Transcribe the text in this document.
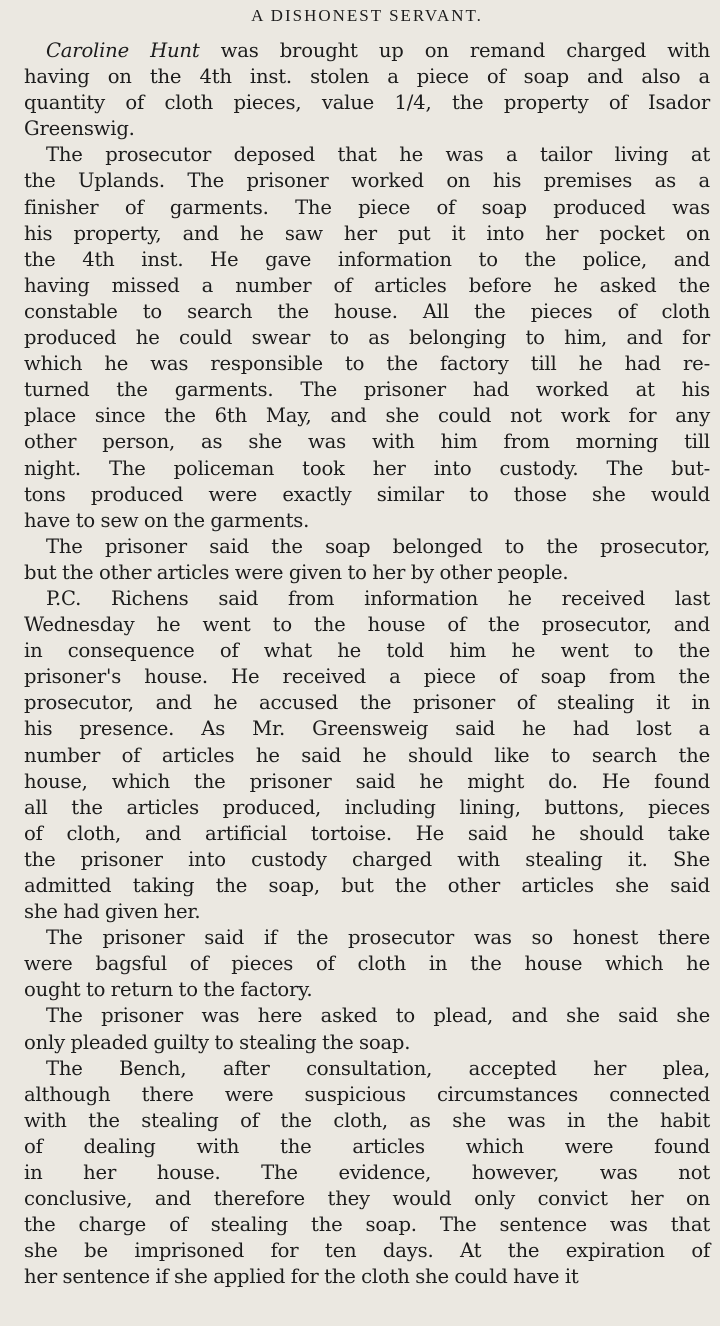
A DISHONEST SERVANT.
Caroline Hunt was brought up on remand charged with
having on the 4th inst. stolen a piece of soap and also a
quantity of cloth pieces, value 1/4, the property of Isador
Greenswig.
The prosecutor deposed that he was a tailor living at
the Uplands. The prisoner worked on his premises as a
finisher of garments. The piece of soap produced was
his property, and he saw her put it into her pocket on
the 4th inst. He gave information to the police, and
having missed a number of articles before he asked the
constable to search the house. All the pieces of cloth
produced he could swear to as belonging to him, and for
which he was responsible to the factory till he had re-
turned the garments. The prisoner had worked at his
place since the 6th May, and she could not work for any
other person, as she was with him from morning till
night. The policeman took her into custody. The but-
tons produced were exactly similar to those she would
have to sew on the garments.
The prisoner said the soap belonged to the prosecutor,
but the other articles were given to her by other people.
P.C. Richens said from information he received last
Wednesday he went to the house of the prosecutor, and
in consequence of what he told him he went to the
prisoner's house. He received a piece of soap from the
prosecutor, and he accused the prisoner of stealing it in
his presence. As Mr. Greensweig said he had lost a
number of articles he said he should like to search the
house, which the prisoner said he might do. He found
all the articles produced, including lining, buttons, pieces
of cloth, and artificial tortoise. He said he should take
the prisoner into custody charged with stealing it. She
admitted taking the soap, but the other articles she said
she had given her.
The prisoner said if the prosecutor was so honest there
were bagsful of pieces of cloth in the house which he
ought to return to the factory.
The prisoner was here asked to plead, and she said she
only pleaded guilty to stealing the soap.
The Bench, after consultation, accepted her plea,
although there were suspicious circumstances connected
with the stealing of the cloth, as she was in the habit
of dealing with the articles which were found
in her house. The evidence, however, was not
conclusive, and therefore they would only convict her on
the charge of stealing the soap. The sentence was that
she be imprisoned for ten days. At the expiration of
her sentence if she applied for the cloth she could have it
